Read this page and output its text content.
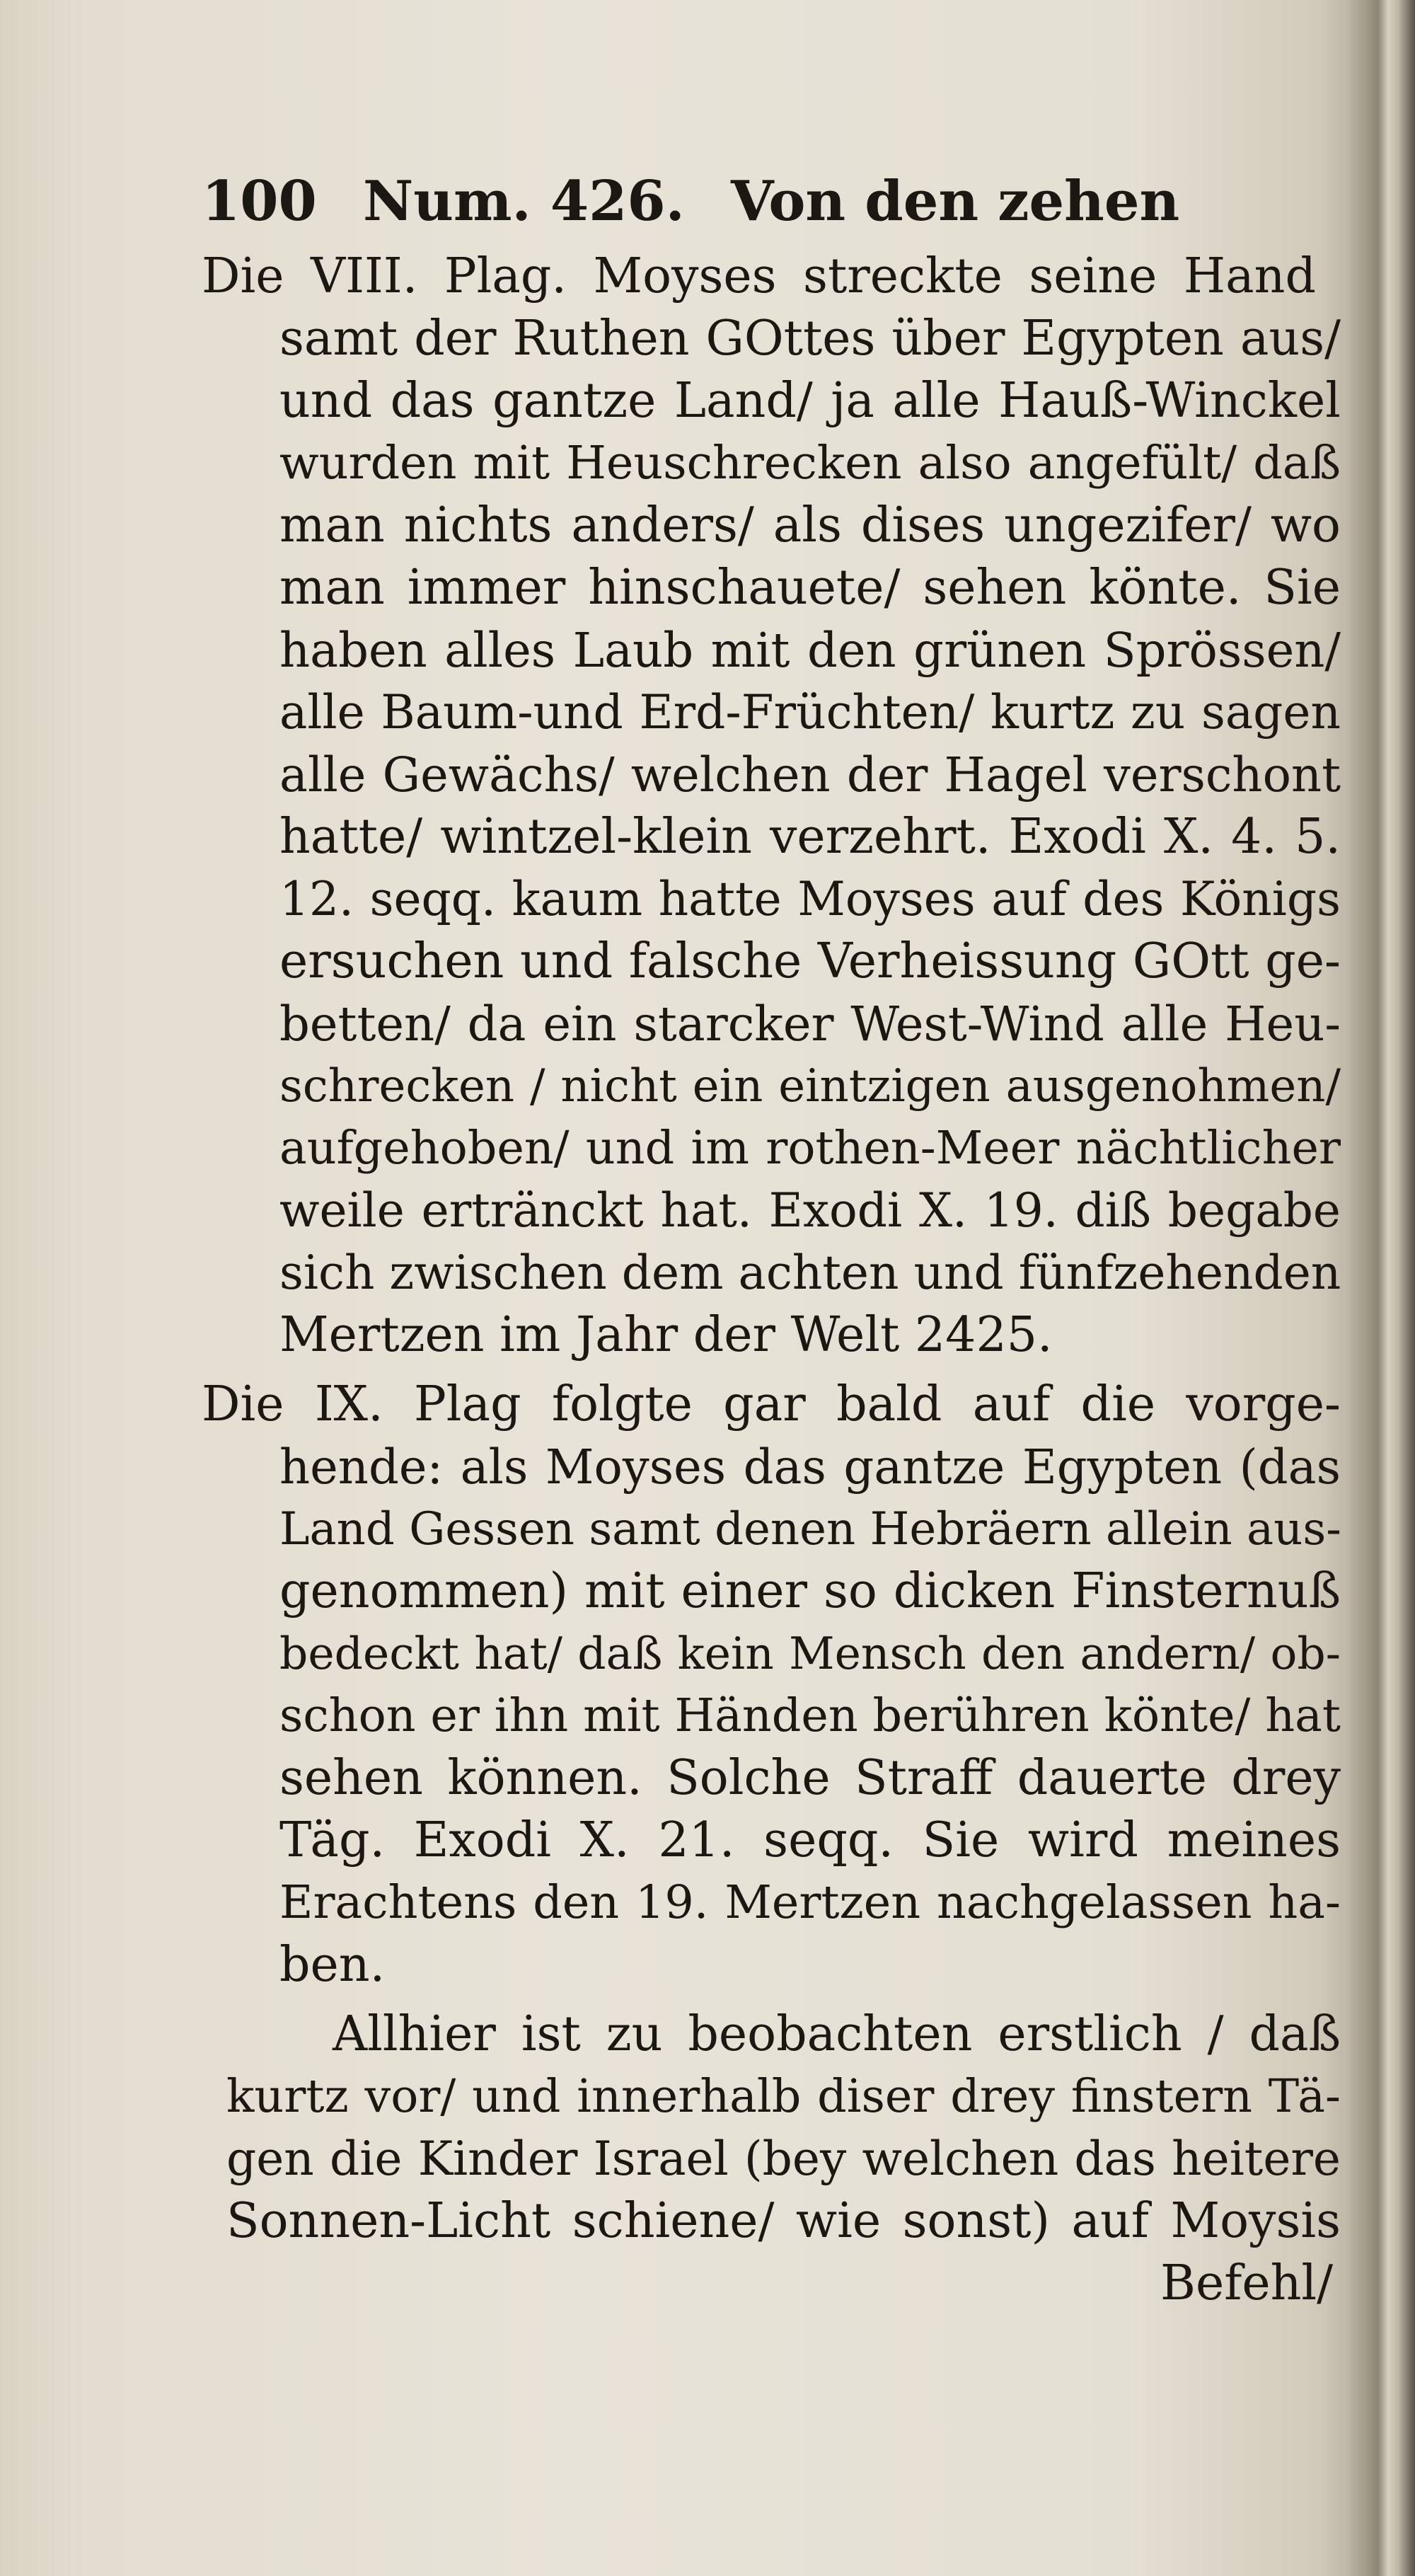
100 Num. 426. Von den zehen
Die VIII. Plag. Moyses streckte seine Hand
samt der Ruthen GOttes über Egypten aus/
und das gantze Land/ ja alle Hauß-Winckel
wurden mit Heuschrecken also angefült/ daß
man nichts anders/ als dises ungezifer/ wo
man immer hinschauete/ sehen könte. Sie
haben alles Laub mit den grünen Sprössen/
alle Baum-und Erd-Früchten/ kurtz zu sagen
alle Gewächs/ welchen der Hagel verschont
hatte/ wintzel-klein verzehrt. Exodi X. 4. 5.
12. seqq. kaum hatte Moyses auf des Königs
ersuchen und falsche Verheissung GOtt ge-
betten/ da ein starcker West-Wind alle Heu-
schrecken / nicht ein eintzigen ausgenohmen/
aufgehoben/ und im rothen-Meer nächtlicher
weile ertränckt hat. Exodi X. 19. diß begabe
sich zwischen dem achten und fünfzehenden
Mertzen im Jahr der Welt 2425.
Die IX. Plag folgte gar bald auf die vorge-
hende: als Moyses das gantze Egypten (das
Land Gessen samt denen Hebräern allein aus-
genommen) mit einer so dicken Finsternuß
bedeckt hat/ daß kein Mensch den andern/ ob-
schon er ihn mit Händen berühren könte/ hat
sehen können. Solche Straff dauerte drey
Täg. Exodi X. 21. seqq. Sie wird meines
Erachtens den 19. Mertzen nachgelassen ha-
ben.
Allhier ist zu beobachten erstlich / daß
kurtz vor/ und innerhalb diser drey finstern Tä-
gen die Kinder Israel (bey welchen das heitere
Sonnen-Licht schiene/ wie sonst) auf Moysis
Befehl/
